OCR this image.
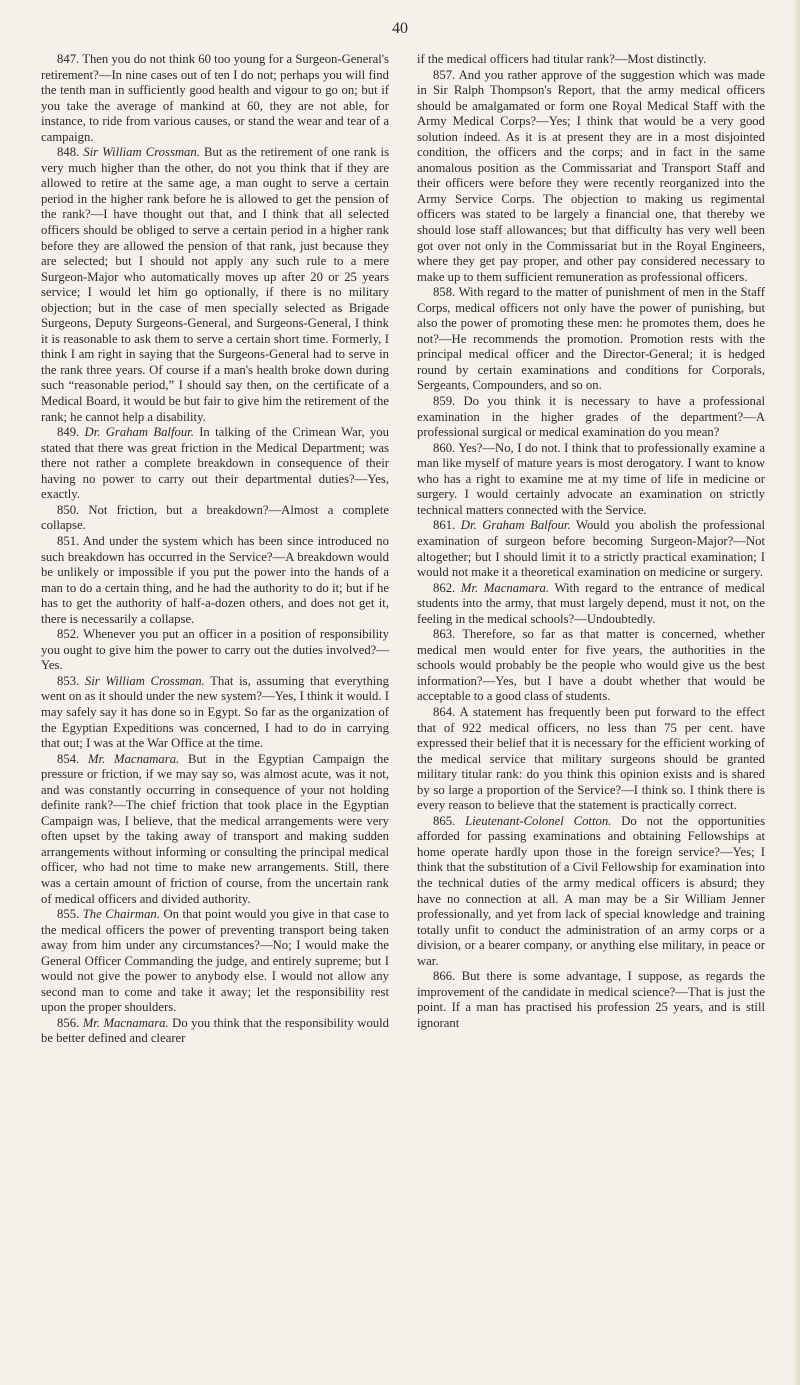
40

847. Then you do not think 60 too young for a Surgeon-General's retirement?—In nine cases out of ten I do not; perhaps you will find the tenth man in sufficiently good health and vigour to go on; but if you take the average of mankind at 60, they are not able, for instance, to ride from various causes, or stand the wear and tear of a campaign.

848. Sir William Crossman. But as the retirement of one rank is very much higher than the other, do not you think that if they are allowed to retire at the same age, a man ought to serve a certain period in the higher rank before he is allowed to get the pension of the rank?—I have thought out that, and I think that all selected officers should be obliged to serve a certain period in a higher rank before they are allowed the pension of that rank, just because they are selected; but I should not apply any such rule to a mere Surgeon-Major who automatically moves up after 20 or 25 years service; I would let him go optionally, if there is no military objection; but in the case of men specially selected as Brigade Surgeons, Deputy Surgeons-General, and Surgeons-General, I think it is reasonable to ask them to serve a certain short time. Formerly, I think I am right in saying that the Surgeons-General had to serve in the rank three years. Of course if a man's health broke down during such “reasonable period,” I should say then, on the certificate of a Medical Board, it would be but fair to give him the retirement of the rank; he cannot help a disability.

849. Dr. Graham Balfour. In talking of the Crimean War, you stated that there was great friction in the Medical Department; was there not rather a complete breakdown in consequence of their having no power to carry out their departmental duties?—Yes, exactly.

850. Not friction, but a breakdown?—Almost a complete collapse.

851. And under the system which has been since introduced no such breakdown has occurred in the Service?—A breakdown would be unlikely or impossible if you put the power into the hands of a man to do a certain thing, and he had the authority to do it; but if he has to get the authority of half-a-dozen others, and does not get it, there is necessarily a collapse.

852. Whenever you put an officer in a position of responsibility you ought to give him the power to carry out the duties involved?—Yes.

853. Sir William Crossman. That is, assuming that everything went on as it should under the new system?—Yes, I think it would. I may safely say it has done so in Egypt. So far as the organization of the Egyptian Expeditions was concerned, I had to do in carrying that out; I was at the War Office at the time.

854. Mr. Macnamara. But in the Egyptian Campaign the pressure or friction, if we may say so, was almost acute, was it not, and was constantly occurring in consequence of your not holding definite rank?—The chief friction that took place in the Egyptian Campaign was, I believe, that the medical arrangements were very often upset by the taking away of transport and making sudden arrangements without informing or consulting the principal medical officer, who had not time to make new arrangements. Still, there was a certain amount of friction of course, from the uncertain rank of medical officers and divided authority.

855. The Chairman. On that point would you give in that case to the medical officers the power of preventing transport being taken away from him under any circumstances?—No; I would make the General Officer Commanding the judge, and entirely supreme; but I would not give the power to anybody else. I would not allow any second man to come and take it away; let the responsibility rest upon the proper shoulders.

856. Mr. Macnamara. Do you think that the responsibility would be better defined and clearer

if the medical officers had titular rank?—Most distinctly.

857. And you rather approve of the suggestion which was made in Sir Ralph Thompson's Report, that the army medical officers should be amalgamated or form one Royal Medical Staff with the Army Medical Corps?—Yes; I think that would be a very good solution indeed. As it is at present they are in a most disjointed condition, the officers and the corps; and in fact in the same anomalous position as the Commissariat and Transport Staff and their officers were before they were recently reorganized into the Army Service Corps. The objection to making us regimental officers was stated to be largely a financial one, that thereby we should lose staff allowances; but that difficulty has very well been got over not only in the Commissariat but in the Royal Engineers, where they get pay proper, and other pay considered necessary to make up to them sufficient remuneration as professional officers.

858. With regard to the matter of punishment of men in the Staff Corps, medical officers not only have the power of punishing, but also the power of promoting these men: he promotes them, does he not?—He recommends the promotion. Promotion rests with the principal medical officer and the Director-General; it is hedged round by certain examinations and conditions for Corporals, Sergeants, Compounders, and so on.

859. Do you think it is necessary to have a professional examination in the higher grades of the department?—A professional surgical or medical examination do you mean?

860. Yes?—No, I do not. I think that to professionally examine a man like myself of mature years is most derogatory. I want to know who has a right to examine me at my time of life in medicine or surgery. I would certainly advocate an examination on strictly technical matters connected with the Service.

861. Dr. Graham Balfour. Would you abolish the professional examination of surgeon before becoming Surgeon-Major?—Not altogether; but I should limit it to a strictly practical examination; I would not make it a theoretical examination on medicine or surgery.

862. Mr. Macnamara. With regard to the entrance of medical students into the army, that must largely depend, must it not, on the feeling in the medical schools?—Undoubtedly.

863. Therefore, so far as that matter is concerned, whether medical men would enter for five years, the authorities in the schools would probably be the people who would give us the best information?—Yes, but I have a doubt whether that would be acceptable to a good class of students.

864. A statement has frequently been put forward to the effect that of 922 medical officers, no less than 75 per cent. have expressed their belief that it is necessary for the efficient working of the medical service that military surgeons should be granted military titular rank: do you think this opinion exists and is shared by so large a proportion of the Service?—I think so. I think there is every reason to believe that the statement is practically correct.

865. Lieutenant-Colonel Cotton. Do not the opportunities afforded for passing examinations and obtaining Fellowships at home operate hardly upon those in the foreign service?—Yes; I think that the substitution of a Civil Fellowship for examination into the technical duties of the army medical officers is absurd; they have no connection at all. A man may be a Sir William Jenner professionally, and yet from lack of special knowledge and training totally unfit to conduct the administration of an army corps or a division, or a bearer company, or anything else military, in peace or war.

866. But there is some advantage, I suppose, as regards the improvement of the candidate in medical science?—That is just the point. If a man has practised his profession 25 years, and is still ignorant
